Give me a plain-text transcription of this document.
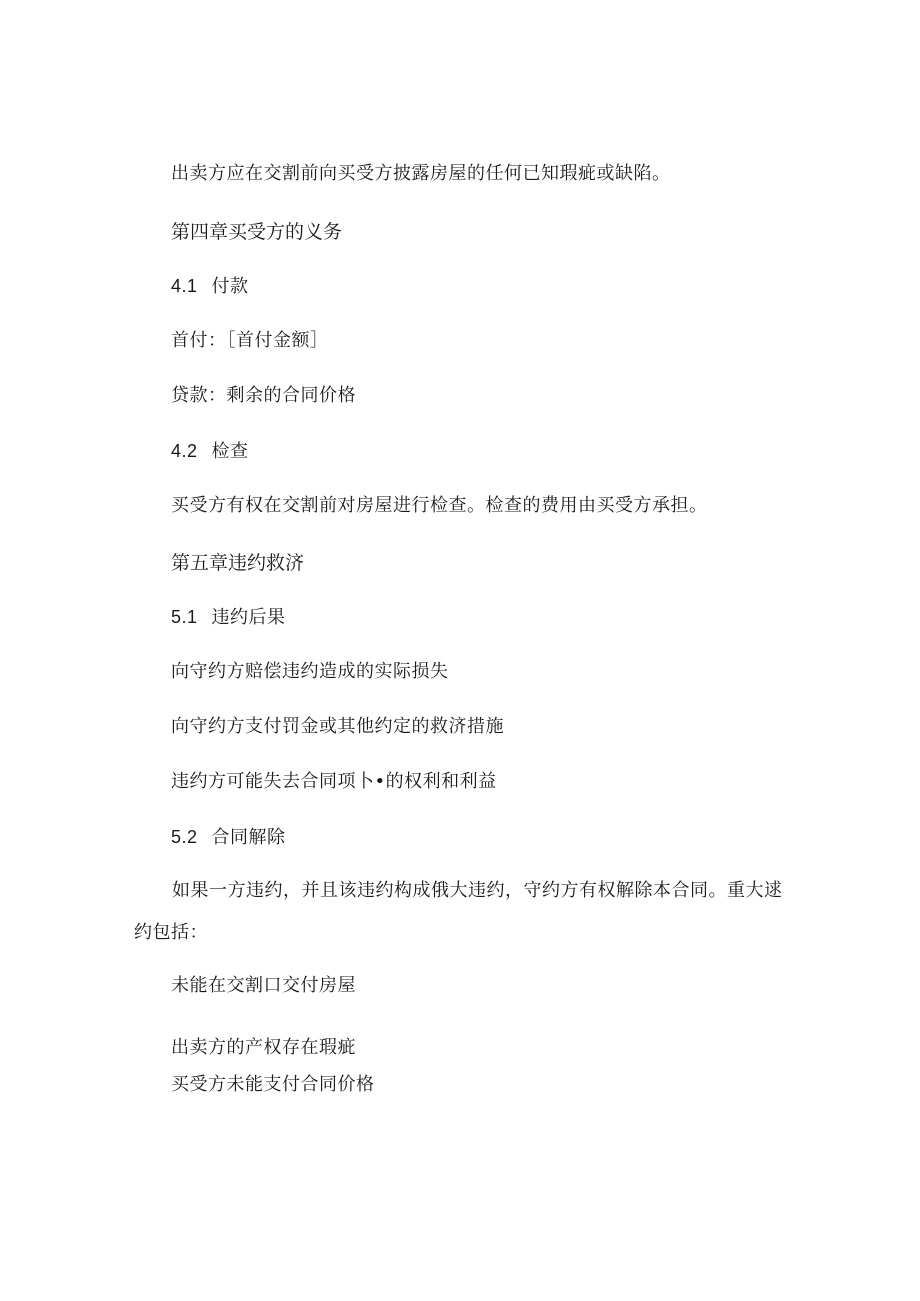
出卖方应在交割前向买受方披露房屋的任何已知瑕疵或缺陷。
第四章买受方的义务
4.1 付款
首付：［首付金额］
贷款：剩余的合同价格
4.2 检查
买受方有权在交割前对房屋进行检查。检查的费用由买受方承担。
第五章违约救济
5.1 违约后果
向守约方赔偿违约造成的实际损失
向守约方支付罚金或其他约定的救济措施
违约方可能失去合同项卜•的权利和利益
5.2 合同解除
如果一方违约，并且该违约构成俄大违约，守约方有权解除本合同。重大逑约包括：
未能在交割口交付房屋
出卖方的产权存在瑕疵
买受方未能支付合同价格
